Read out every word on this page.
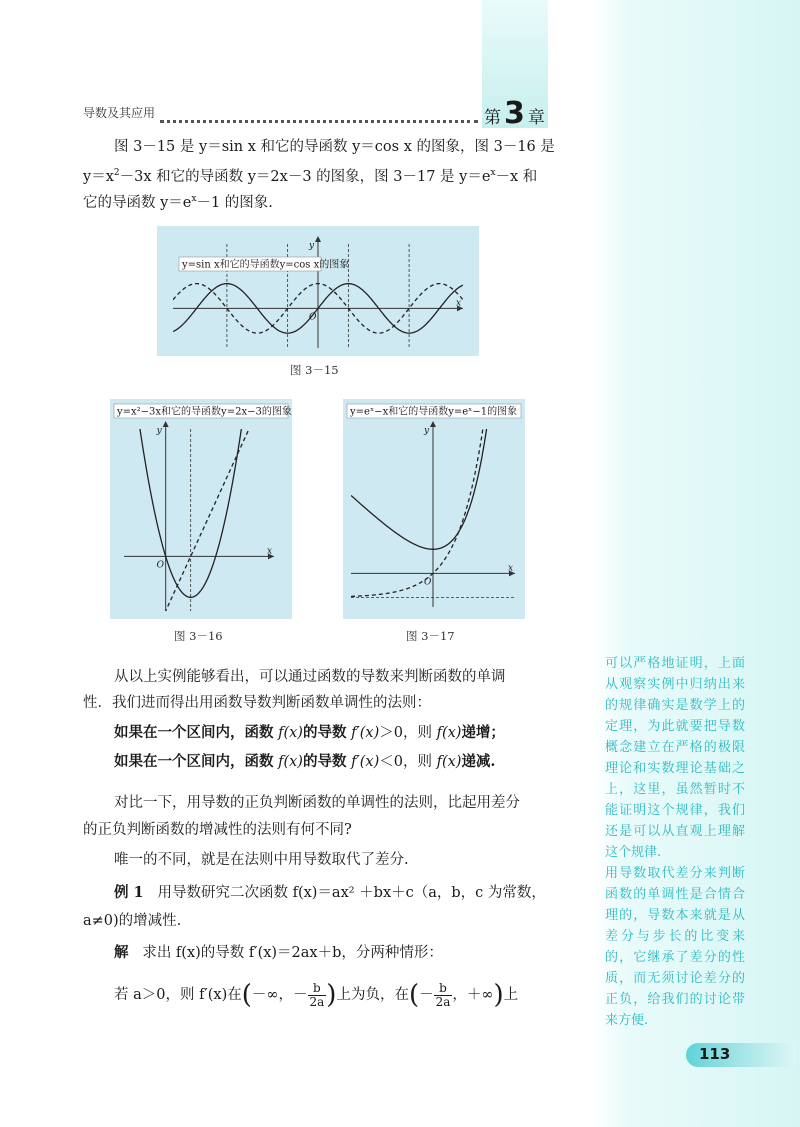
导数及其应用	第 3 章
图 3－15 是 y＝sin x 和它的导函数 y＝cos x 的图象，图 3－16 是
$y=x^2-3x$ 和它的导函数 y＝2x－3 的图象，图 3－17 是 $y=e^x-x$ 和
它的导函数 $y=e^x-1$ 的图象.
y
x
O
y=sin x和它的导函数y=cos x的图象
图 3－15
y
x
O
y=x²−3x和它的导函数y=2x−3的图象
图 3－16
y
x
O
y=eˣ−x和它的导函数y=eˣ−1的图象
图 3－17
从以上实例能够看出，可以通过函数的导数来判断函数的单调
性．我们进而得出用函数导数判断函数单调性的法则：
如果在一个区间内，函数 f(x)的导数 f′(x)＞0，则 f(x)递增；
如果在一个区间内，函数 f(x)的导数 f′(x)＜0，则 f(x)递减.
对比一下，用导数的正负判断函数的单调性的法则，比起用差分
的正负判断函数的增减性的法则有何不同?
唯一的不同，就是在法则中用导数取代了差分.
例 1 用导数研究二次函数 f(x)＝ax² ＋bx＋c（a，b，c 为常数，
a≠0)的增减性.
解 求出 f(x)的导数 f′(x)＝2ax＋b，分两种情形：
若 a＞0，则 f′(x)在(－∞，－ $\frac{b}{2a}$ )上为负，在(－ $\frac{b}{2a}$ ，＋∞)上
可以严格地证明，上面从观察实例中归纳出来的规律确实是数学上的定理，为此就要把导数概念建立在严格的极限理论和实数理论基础之上，这里，虽然暂时不能证明这个规律，我们还是可以从直观上理解这个规律.
用导数取代差分来判断函数的单调性是合情合理的，导数本来就是从差分与步长的比变来的，它继承了差分的性质，而无须讨论差分的正负，给我们的讨论带来方便.
113
